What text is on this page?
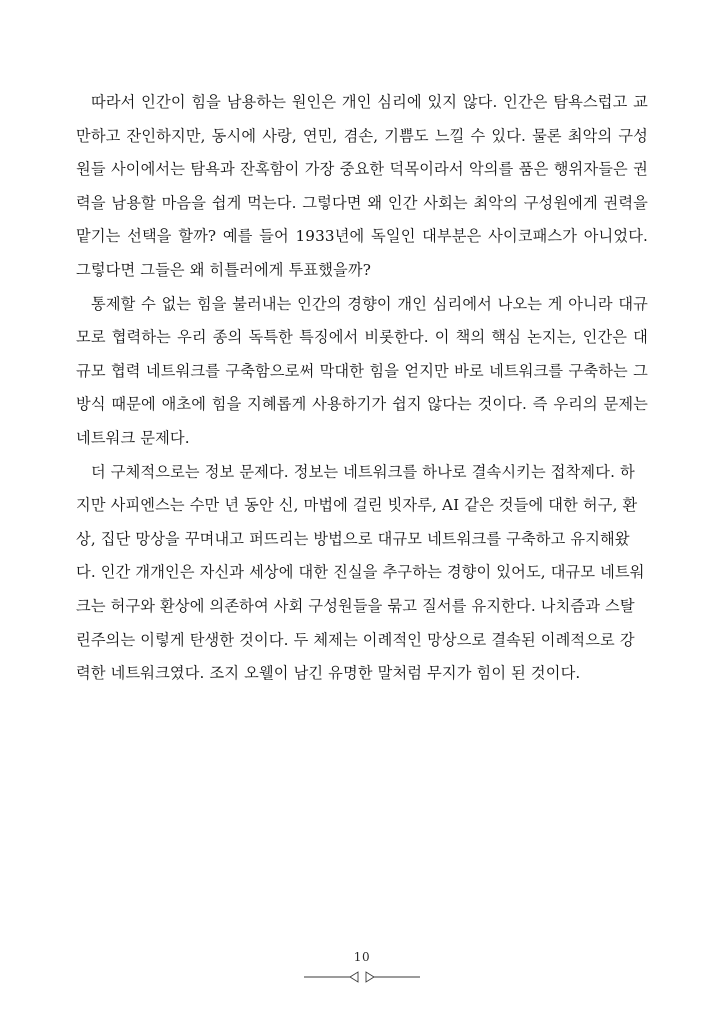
따라서 인간이 힘을 남용하는 원인은 개인 심리에 있지 않다. 인간은 탐욕스럽고 교만하고 잔인하지만, 동시에 사랑, 연민, 겸손, 기쁨도 느낄 수 있다. 물론 최악의 구성원들 사이에서는 탐욕과 잔혹함이 가장 중요한 덕목이라서 악의를 품은 행위자들은 권력을 남용할 마음을 쉽게 먹는다. 그렇다면 왜 인간 사회는 최악의 구성원에게 권력을 맡기는 선택을 할까? 예를 들어 1933년에 독일인 대부분은 사이코패스가 아니었다. 그렇다면 그들은 왜 히틀러에게 투표했을까?

통제할 수 없는 힘을 불러내는 인간의 경향이 개인 심리에서 나오는 게 아니라 대규모로 협력하는 우리 종의 독특한 특징에서 비롯한다. 이 책의 핵심 논지는, 인간은 대규모 협력 네트워크를 구축함으로써 막대한 힘을 얻지만 바로 네트워크를 구축하는 그 방식 때문에 애초에 힘을 지혜롭게 사용하기가 쉽지 않다는 것이다. 즉 우리의 문제는 네트워크 문제다.

더 구체적으로는 정보 문제다. 정보는 네트워크를 하나로 결속시키는 접착제다. 하지만 사피엔스는 수만 년 동안 신, 마법에 걸린 빗자루, AI 같은 것들에 대한 허구, 환상, 집단 망상을 꾸며내고 퍼뜨리는 방법으로 대규모 네트워크를 구축하고 유지해왔다. 인간 개개인은 자신과 세상에 대한 진실을 추구하는 경향이 있어도, 대규모 네트워크는 허구와 환상에 의존하여 사회 구성원들을 묶고 질서를 유지한다. 나치즘과 스탈린주의는 이렇게 탄생한 것이다. 두 체제는 이례적인 망상으로 결속된 이례적으로 강력한 네트워크였다. 조지 오웰이 남긴 유명한 말처럼 무지가 힘이 된 것이다.

10
